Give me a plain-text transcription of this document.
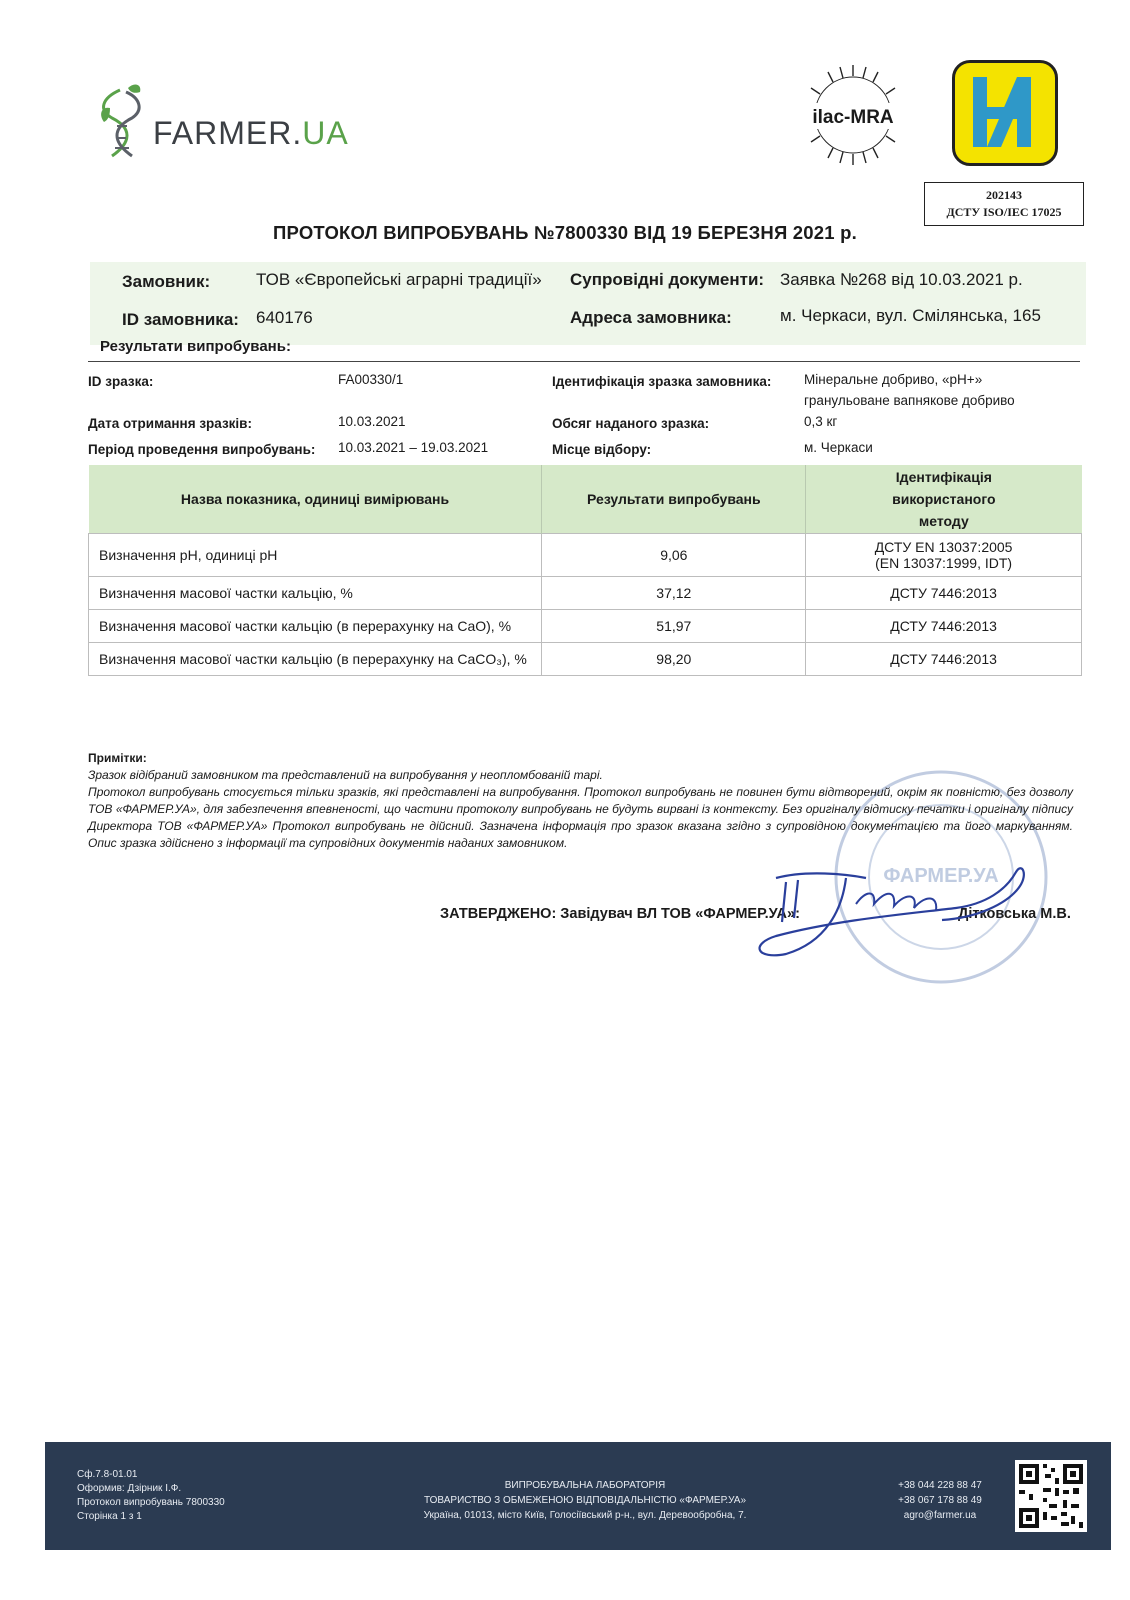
FARMER.UA	ilac-MRA
202143
ДСТУ ISO/IEC 17025
ПРОТОКОЛ ВИПРОБУВАНЬ №7800330 ВІД 19 БЕРЕЗНЯ 2021 р.
Замовник:	ТОВ «Європейські аграрні традиції»
ID замовника: 640176
Супровідні документи: Заявка №268 від 10.03.2021 р.
Адреса замовника:	м. Черкаси, вул. Смілянська, 165
Результати випробувань:
ID зразка:	FA00330/1
Дата отримання зразків:	10.03.2021
Період проведення випробувань: 10.03.2021 – 19.03.2021
Ідентифікація зразка замовника: Мінеральне добриво, «pH+»
гранульоване вапнякове добриво
Обсяг наданого зразка:	0,3 кг
Місце відбору:	м. Черкаси
Назва показника, одиниці вимірювань	Результати випробувань	Ідентифікація використаного методу

Визначення pH, одиниці pH	9,06	ДСТУ EN 13037:2005
(EN 13037:1999, IDT)

Визначення масової частки кальцію, %	37,12	ДСТУ 7446:2013
Визначення масової частки кальцію (в перерахунку на CaO), %	51,97	ДСТУ 7446:2013
Визначення масової частки кальцію (в перерахунку на CaCO₃), %	98,20	ДСТУ 7446:2013
ФАРМЕР.УА
Примітки:

Зразок відібраний замовником та представлений на випробування у неопломбованій тарі.

Протокол випробувань стосується тільки зразків, які представлені на випробування. Протокол випробувань не повинен бути відтворений, окрім як повністю, без дозволу ТОВ «ФАРМЕР.УА», для забезпечення впевненості, що частини протоколу випробувань не будуть вирвані із контексту. Без оригіналу відтиску печатки і оригіналу підпису Директора ТОВ «ФАРМЕР.УА» Протокол випробувань не дійсний. Зазначена інформація про зразок вказана згідно з супровідною документацією та його маркуванням. Опис зразка здійснено з інформації та супровідних документів наданих замовником.

ЗАТВЕРДЖЕНО: Завідувач ВЛ ТОВ «ФАРМЕР.УА»:	Дітковська М.В.
Сф.7.8-01.01
Оформив: Дзірник І.Ф.
Протокол випробувань 7800330
Сторінка 1 з 1
ВИПРОБУВАЛЬНА ЛАБОРАТОРІЯ
ТОВАРИСТВО З ОБМЕЖЕНОЮ ВІДПОВІДАЛЬНІСТЮ «ФАРМЕР.УА»
Україна, 01013, місто Київ, Голосіївський р-н., вул. Деревообробна, 7.
+38 044 228 88 47
+38 067 178 88 49
agro@farmer.ua
